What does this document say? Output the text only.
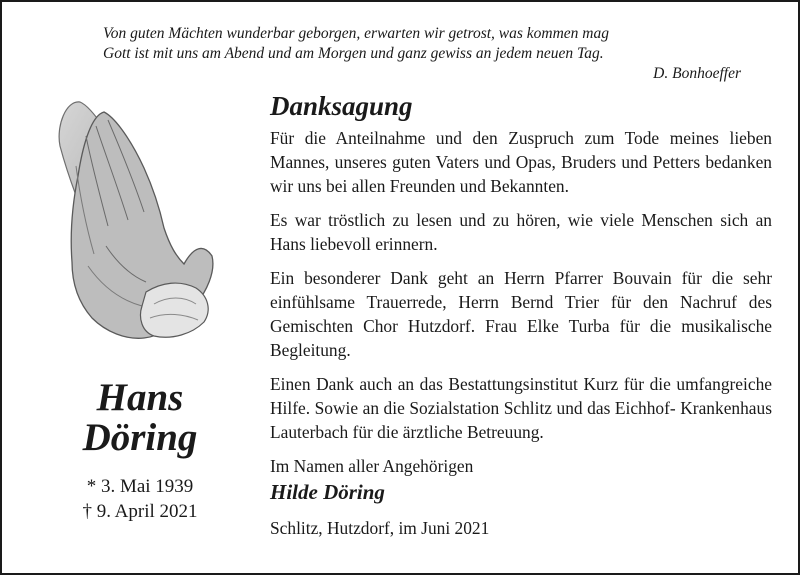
Von guten Mächten wunderbar geborgen, erwarten wir getrost, was kommen mag
Gott ist mit uns am Abend und am Morgen und ganz gewiss an jedem neuen Tag.
D. Bonhoeffer
Hans
Döring
* 3. Mai 1939
† 9. April 2021
Danksagung

Für die Anteilnahme und den Zuspruch zum Tode meines lieben Mannes, unseres guten Vaters und Opas, Bruders und Petters bedanken wir uns bei allen Freunden und Bekannten.

Es war tröstlich zu lesen und zu hören, wie viele Menschen sich an Hans liebevoll erinnern.

Ein besonderer Dank geht an Herrn Pfarrer Bouvain für die sehr einfühlsame Trauerrede, Herrn Bernd Trier für den Nachruf des Gemischten Chor Hutzdorf. Frau Elke Turba für die musikalische Begleitung.

Einen Dank auch an das Bestattungsinstitut Kurz für die umfangreiche Hilfe. Sowie an die Sozialstation Schlitz und das Eichhof- Krankenhaus Lauterbach für die ärztliche Betreuung.

Im Namen aller Angehörigen

Hilde Döring

Schlitz, Hutzdorf, im Juni 2021
